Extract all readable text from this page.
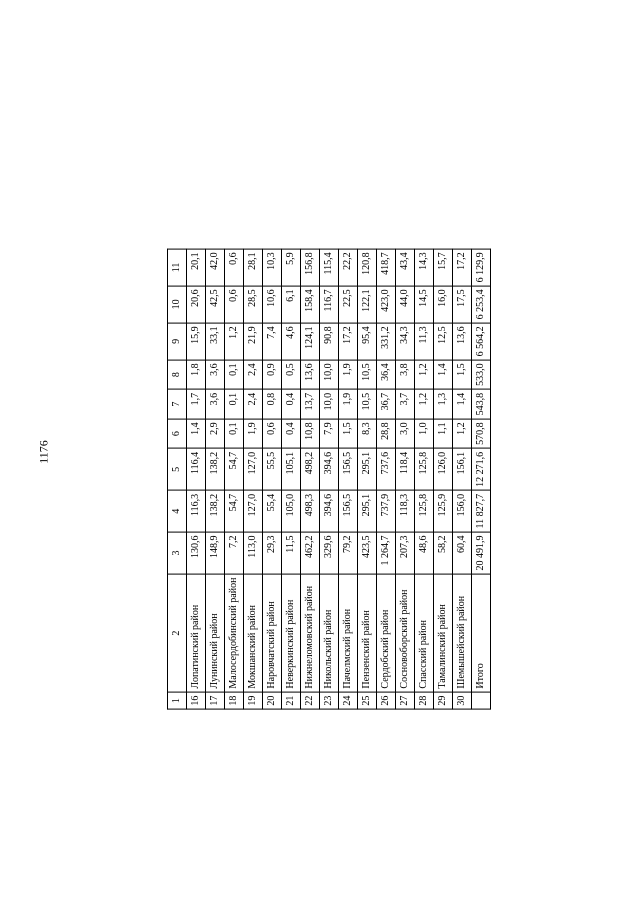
1176
1	2	3	4	5	6	7	8	9	10	11
16	Лопатинский район	130,6	116,3	116,4	1,4	1,7	1,8	15,9	20,6	20,1
17	Лунинский район	148,9	138,2	138,2	2,9	3,6	3,6	33,1	42,5	42,0
18	Малосердобинский район	7,2	54,7	54,7	0,1	0,1	0,1	1,2	0,6	0,6
19	Мокшанский район	113,0	127,0	127,0	1,9	2,4	2,4	21,9	28,5	28,1
20	Наровчатский район	29,3	55,4	55,5	0,6	0,8	0,9	7,4	10,6	10,3
21	Неверкинский район	11,5	105,0	105,1	0,4	0,4	0,5	4,6	6,1	5,9
22	Нижнеломовский район	462,2	498,3	498,2	10,8	13,7	13,6	124,1	158,4	156,8
23	Никольский район	329,6	394,6	394,6	7,9	10,0	10,0	90,8	116,7	115,4
24	Пачелмский район	79,2	156,5	156,5	1,5	1,9	1,9	17,2	22,5	22,2
25	Пензенский район	423,5	295,1	295,1	8,3	10,5	10,5	95,4	122,1	120,8
26	Сердобский район	1 264,7	737,9	737,6	28,8	36,7	36,4	331,2	423,0	418,7
27	Сосновоборский район	207,3	118,3	118,4	3,0	3,7	3,8	34,3	44,0	43,4
28	Спасский район	48,6	125,8	125,8	1,0	1,2	1,2	11,3	14,5	14,3
29	Тамалинский район	58,2	125,9	126,0	1,1	1,3	1,4	12,5	16,0	15,7
30	Шемышейский район	60,4	156,0	156,1	1,2	1,4	1,5	13,6	17,5	17,2
	Итого	20 491,9	11 827,7	12 271,6	570,8	543,8	533,0	6 564,2	6 253,4	6 129,9
